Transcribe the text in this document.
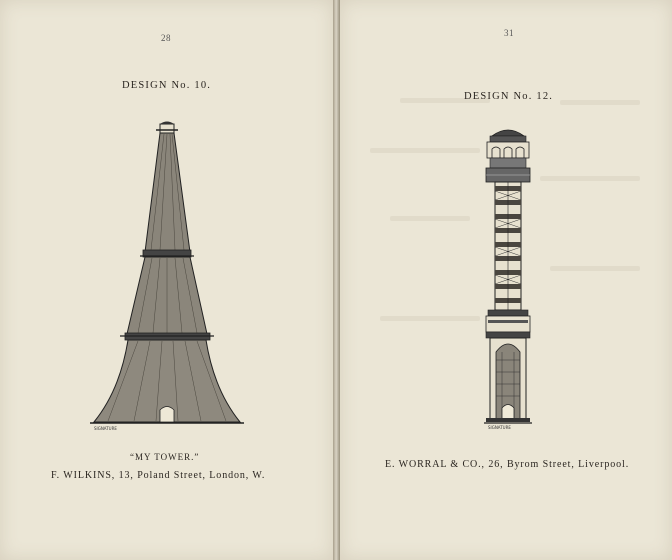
28
DESIGN No. 10.
SIGNATURE
“MY TOWER.”
F. WILKINS, 13, Poland Street, London, W.
31
DESIGN No. 12.
SIGNATURE
E. WORRAL & CO., 26, Byrom Street, Liverpool.
